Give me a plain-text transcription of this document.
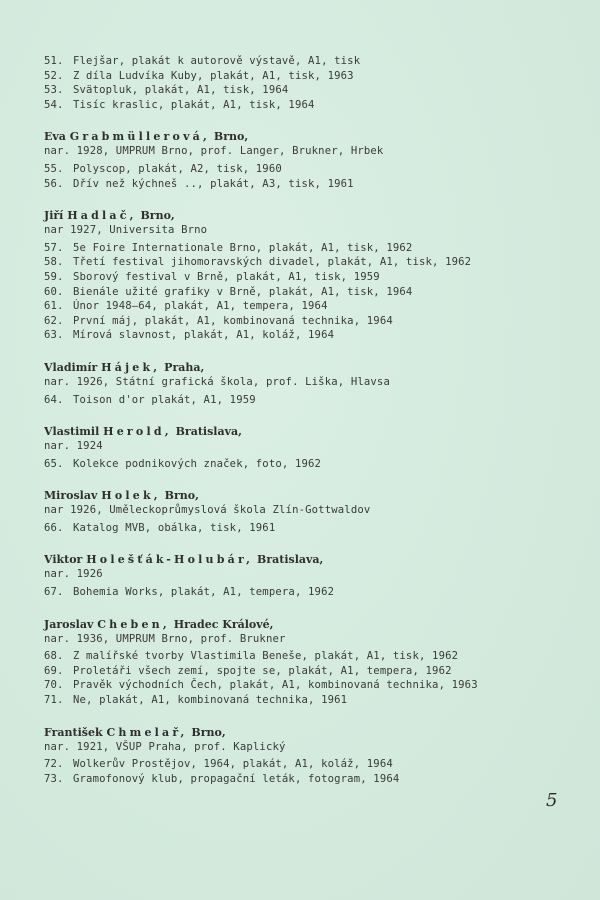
51. Flejšar, plakát k autorově výstavě, A1, tisk
52. Z díla Ludvíka Kuby, plakát, A1, tisk, 1963
53. Svätopluk, plakát, A1, tisk, 1964
54. Tisíc kraslic, plakát, A1, tisk, 1964
Eva Grabmüllerová, Brno,
nar. 1928, UMPRUM Brno, prof. Langer, Brukner, Hrbek
55. Polyscop, plakát, A2, tisk, 1960
56. Dřív než kýchneš .., plakát, A3, tisk, 1961
Jiří Hadlač, Brno,
nar 1927, Universita Brno
57. 5e Foire Internationale Brno, plakát, A1, tisk, 1962
58. Třetí festival jihomoravských divadel, plakát, A1, tisk, 1962
59. Sborový festival v Brně, plakát, A1, tisk, 1959
60. Bienále užité grafiky v Brně, plakát, A1, tisk, 1964
61. Únor 1948—64, plakát, A1, tempera, 1964
62. První máj, plakát, A1, kombinovaná technika, 1964
63. Mírová slavnost, plakát, A1, koláž, 1964
Vladimír Hájek, Praha,
nar. 1926, Státní grafická škola, prof. Liška, Hlavsa
64. Toison d'or plakát, A1, 1959
Vlastimil Herold, Bratislava,
nar. 1924
65. Kolekce podnikových značek, foto, 1962
Miroslav Holek, Brno,
nar 1926, Uměleckoprůmyslová škola Zlín-Gottwaldov
66. Katalog MVB, obálka, tisk, 1961
Viktor Holešťák-Holubár, Bratislava,
nar. 1926
67. Bohemia Works, plakát, A1, tempera, 1962
Jaroslav Cheben, Hradec Králové,
nar. 1936, UMPRUM Brno, prof. Brukner
68. Z malířské tvorby Vlastimila Beneše, plakát, A1, tisk, 1962
69. Proletáři všech zemí, spojte se, plakát, A1, tempera, 1962
70. Pravěk východních Čech, plakát, A1, kombinovaná technika, 1963
71. Ne, plakát, A1, kombinovaná technika, 1961
František Chmelař, Brno,
nar. 1921, VŠUP Praha, prof. Kaplický
72. Wolkerův Prostějov, 1964, plakát, A1, koláž, 1964
73. Gramofonový klub, propagační leták, fotogram, 1964
5
